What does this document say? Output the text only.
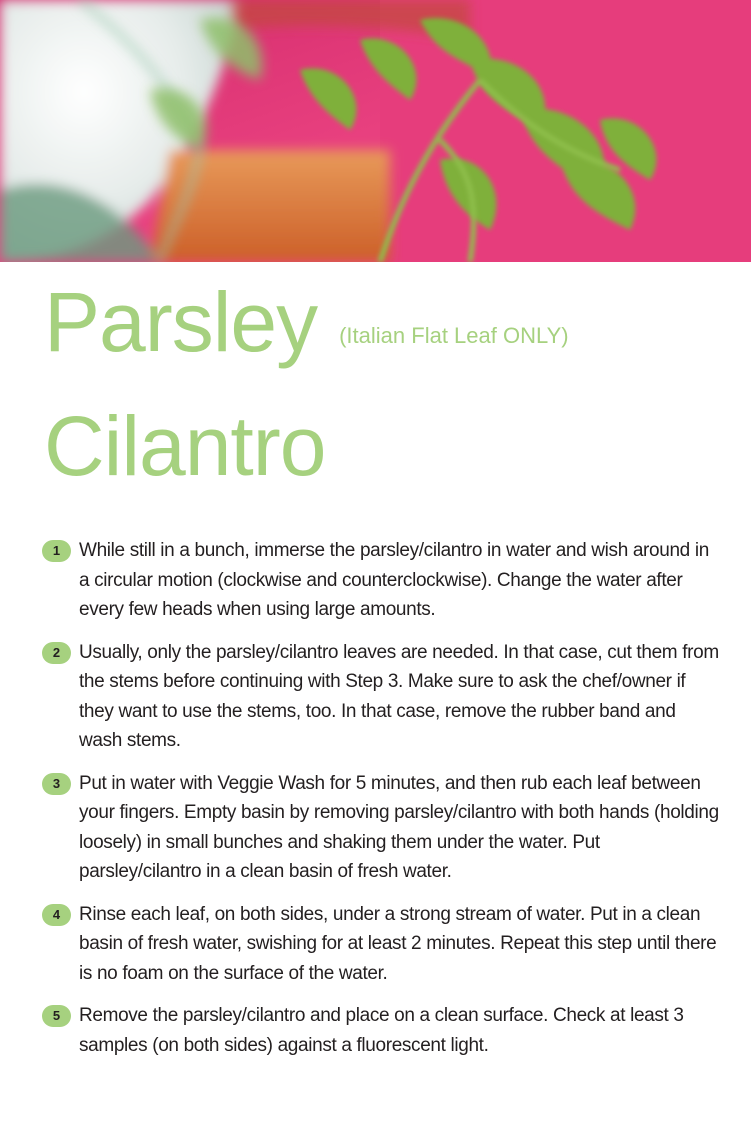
Parsley (Italian Flat Leaf ONLY)
Cilantro
1 While still in a bunch, immerse the parsley/cilantro in water and wish around in a circular motion (clockwise and counterclockwise). Change the water after every few heads when using large amounts.
2 Usually, only the parsley/cilantro leaves are needed. In that case, cut them from the stems before continuing with Step 3. Make sure to ask the chef/owner if they want to use the stems, too. In that case, remove the rubber band and wash stems.
3 Put in water with Veggie Wash for 5 minutes, and then rub each leaf between your fingers. Empty basin by removing parsley/cilantro with both hands (holding loosely) in small bunches and shaking them under the water. Put parsley/cilantro in a clean basin of fresh water.
4 Rinse each leaf, on both sides, under a strong stream of water. Put in a clean basin of fresh water, swishing for at least 2 minutes. Repeat this step until there is no foam on the surface of the water.
5 Remove the parsley/cilantro and place on a clean surface. Check at least 3 samples (on both sides) against a fluorescent light.
